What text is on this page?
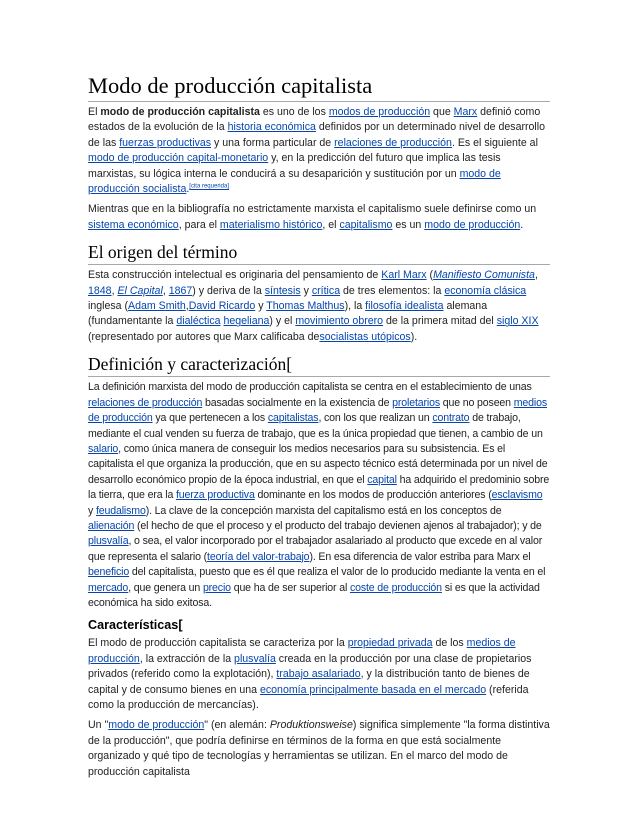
Modo de producción capitalista

El modo de producción capitalista es uno de los modos de producción que Marx definió como estados de la evolución de la historia económica definidos por un determinado nivel de desarrollo de las fuerzas productivas y una forma particular de relaciones de producción. Es el siguiente al modo de producción capital-monetario y, en la predicción del futuro que implica las tesis marxistas, su lógica interna le conducirá a su desaparición y sustitución por un modo de producción socialista.[cita requerida]

Mientras que en la bibliografía no estrictamente marxista el capitalismo suele definirse como un sistema económico, para el materialismo histórico, el capitalismo es un modo de producción.

El origen del término

Esta construcción intelectual es originaria del pensamiento de Karl Marx (Manifiesto Comunista, 1848, El Capital, 1867) y deriva de la síntesis y crítica de tres elementos: la economía clásica inglesa (Adam Smith,David Ricardo y Thomas Malthus), la filosofía idealista alemana (fundamentante la dialéctica hegeliana) y el movimiento obrero de la primera mitad del siglo XIX (representado por autores que Marx calificaba desocialistas utópicos).

Definición y caracterización[

La definición marxista del modo de producción capitalista se centra en el establecimiento de unas relaciones de producción basadas socialmente en la existencia de proletarios que no poseen medios de producción ya que pertenecen a los capitalistas, con los que realizan un contrato de trabajo, mediante el cual venden su fuerza de trabajo, que es la única propiedad que tienen, a cambio de un salario, como única manera de conseguir los medios necesarios para su subsistencia. Es el capitalista el que organiza la producción, que en su aspecto técnico está determinada por un nivel de desarrollo económico propio de la época industrial, en que el capital ha adquirido el predominio sobre la tierra, que era la fuerza productiva dominante en los modos de producción anteriores (esclavismo y feudalismo). La clave de la concepción marxista del capitalismo está en los conceptos de alienación (el hecho de que el proceso y el producto del trabajo devienen ajenos al trabajador); y de plusvalía, o sea, el valor incorporado por el trabajador asalariado al producto que excede en al valor que representa el salario (teoría del valor-trabajo). En esa diferencia de valor estriba para Marx el beneficio del capitalista, puesto que es él que realiza el valor de lo producido mediante la venta en el mercado, que genera un precio que ha de ser superior al coste de producción si es que la actividad económica ha sido exitosa.

Características[

El modo de producción capitalista se caracteriza por la propiedad privada de los medios de producción, la extracción de la plusvalía creada en la producción por una clase de propietarios privados (referido como la explotación), trabajo asalariado, y la distribución tanto de bienes de capital y de consumo bienes en una economía principalmente basada en el mercado (referida como la producción de mercancías).

Un "modo de producción" (en alemán: Produktionsweise) significa simplemente "la forma distintiva de la producción", que podría definirse en términos de la forma en que está socialmente organizado y qué tipo de tecnologías y herramientas se utilizan. En el marco del modo de producción capitalista
